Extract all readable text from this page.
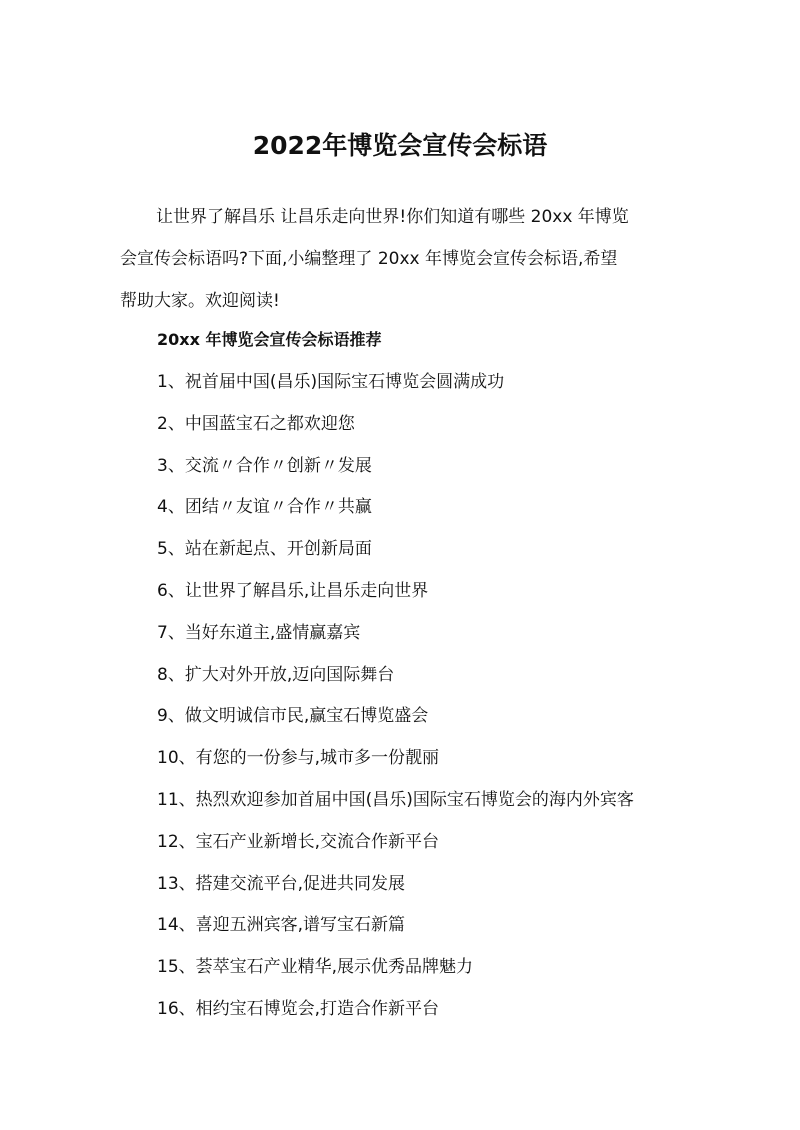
2022年博览会宣传会标语

让世界了解昌乐 让昌乐走向世界!你们知道有哪些 20xx 年博览
会宣传会标语吗?下面,小编整理了 20xx 年博览会宣传会标语,希望
帮助大家。欢迎阅读!

20xx 年博览会宣传会标语推荐
1、祝首届中国(昌乐)国际宝石博览会圆满成功
2、中国蓝宝石之都欢迎您
3、交流〃合作〃创新〃发展
4、团结〃友谊〃合作〃共赢
5、站在新起点、开创新局面
6、让世界了解昌乐,让昌乐走向世界
7、当好东道主,盛情赢嘉宾
8、扩大对外开放,迈向国际舞台
9、做文明诚信市民,赢宝石博览盛会
10、有您的一份参与,城市多一份靓丽
11、热烈欢迎参加首届中国(昌乐)国际宝石博览会的海内外宾客
12、宝石产业新增长,交流合作新平台
13、搭建交流平台,促进共同发展
14、喜迎五洲宾客,谱写宝石新篇
15、荟萃宝石产业精华,展示优秀品牌魅力
16、相约宝石博览会,打造合作新平台
